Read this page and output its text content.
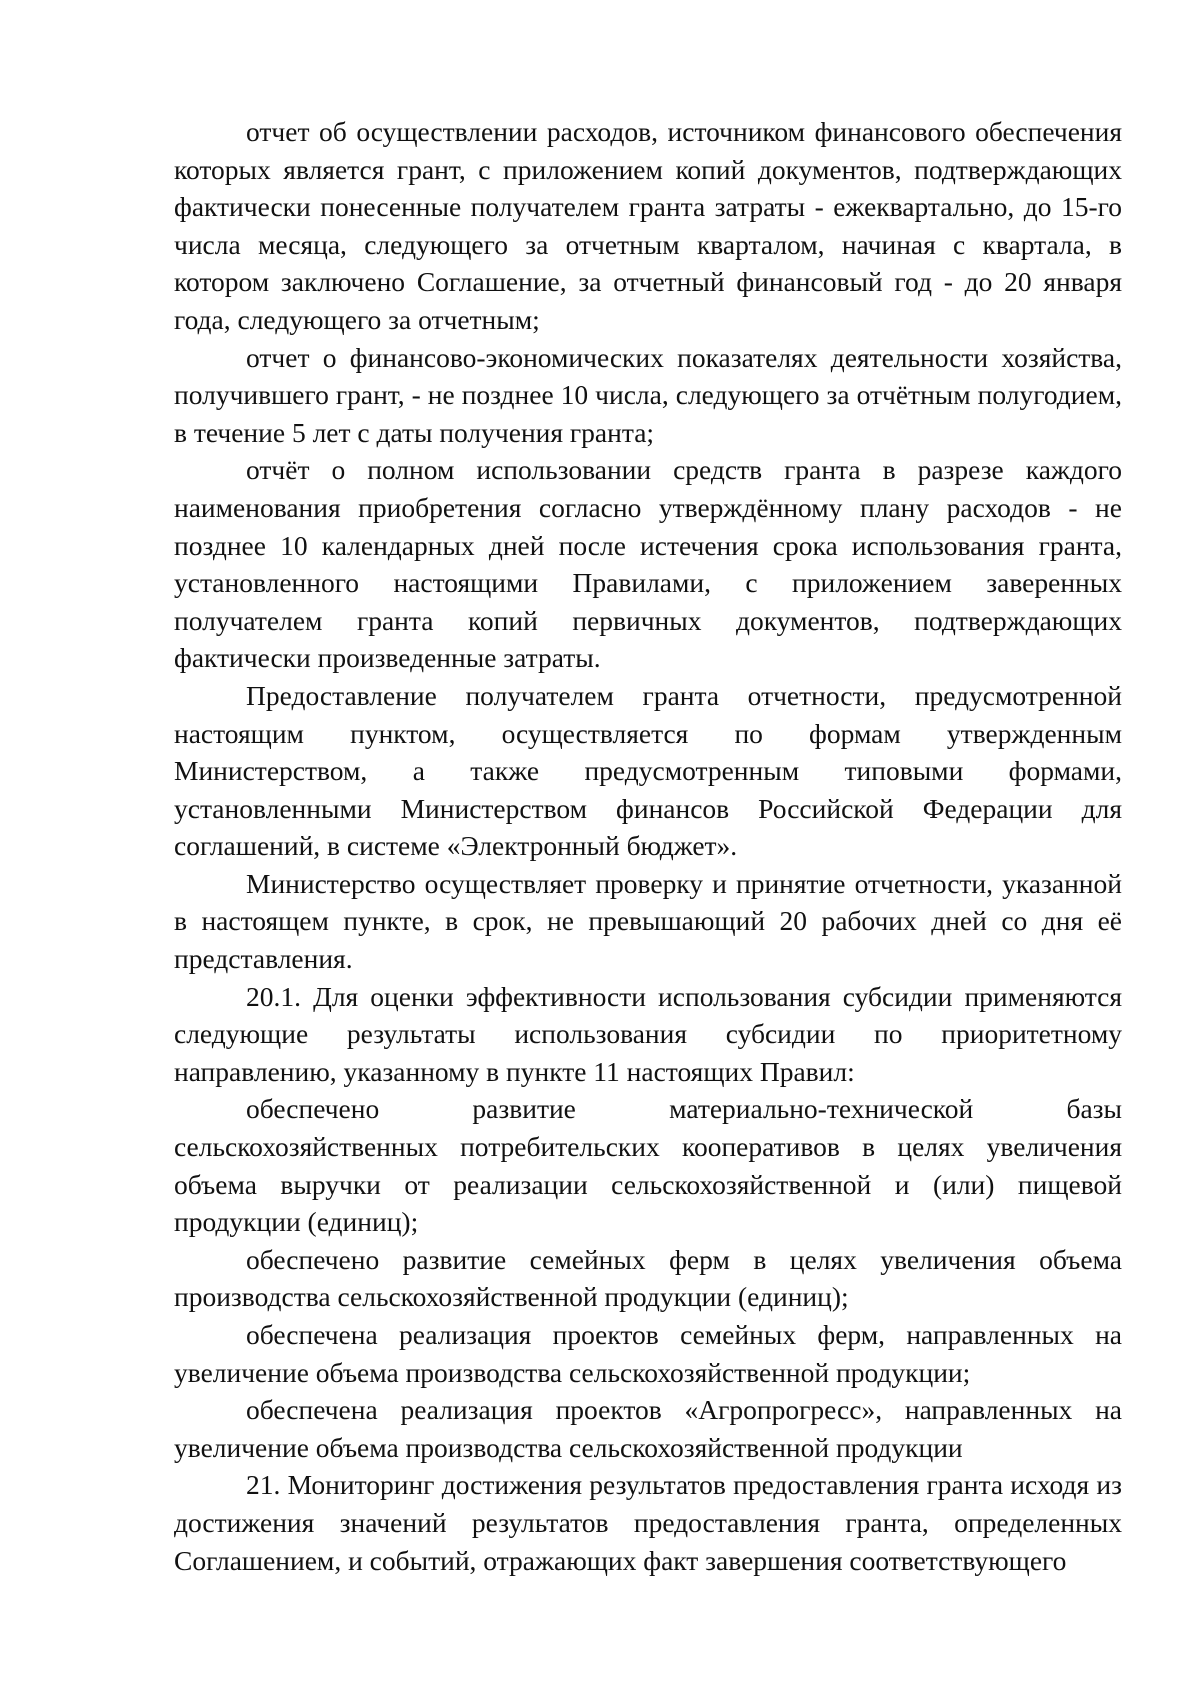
отчет об осуществлении расходов, источником финансового обеспечения которых является грант, с приложением копий документов, подтверждающих фактически понесенные получателем гранта затраты - ежеквартально, до 15-го числа месяца, следующего за отчетным кварталом, начиная с квартала, в котором заключено Соглашение, за отчетный финансовый год - до 20 января года, следующего за отчетным;

отчет о финансово-экономических показателях деятельности хозяйства, получившего грант, - не позднее 10 числа, следующего за отчётным полугодием, в течение 5 лет с даты получения гранта;

отчёт о полном использовании средств гранта в разрезе каждого наименования приобретения согласно утверждённому плану расходов - не позднее 10 календарных дней после истечения срока использования гранта, установленного настоящими Правилами, с приложением заверенных получателем гранта копий первичных документов, подтверждающих фактически произведенные затраты.

Предоставление получателем гранта отчетности, предусмотренной настоящим пунктом, осуществляется по формам утвержденным Министерством, а также предусмотренным типовыми формами, установленными Министерством финансов Российской Федерации для соглашений, в системе «Электронный бюджет».

Министерство осуществляет проверку и принятие отчетности, указанной в настоящем пункте, в срок, не превышающий 20 рабочих дней со дня её представления.

20.1. Для оценки эффективности использования субсидии применяются следующие результаты использования субсидии по приоритетному направлению, указанному в пункте 11 настоящих Правил:

обеспечено развитие материально-технической базы сельскохозяйственных потребительских кооперативов в целях увеличения объема выручки от реализации сельскохозяйственной и (или) пищевой продукции (единиц);

обеспечено развитие семейных ферм в целях увеличения объема производства сельскохозяйственной продукции (единиц);

обеспечена реализация проектов семейных ферм, направленных на увеличение объема производства сельскохозяйственной продукции;

обеспечена реализация проектов «Агропрогресс», направленных на увеличение объема производства сельскохозяйственной продукции

21. Мониторинг достижения результатов предоставления гранта исходя из достижения значений результатов предоставления гранта, определенных Соглашением, и событий, отражающих факт завершения соответствующего
